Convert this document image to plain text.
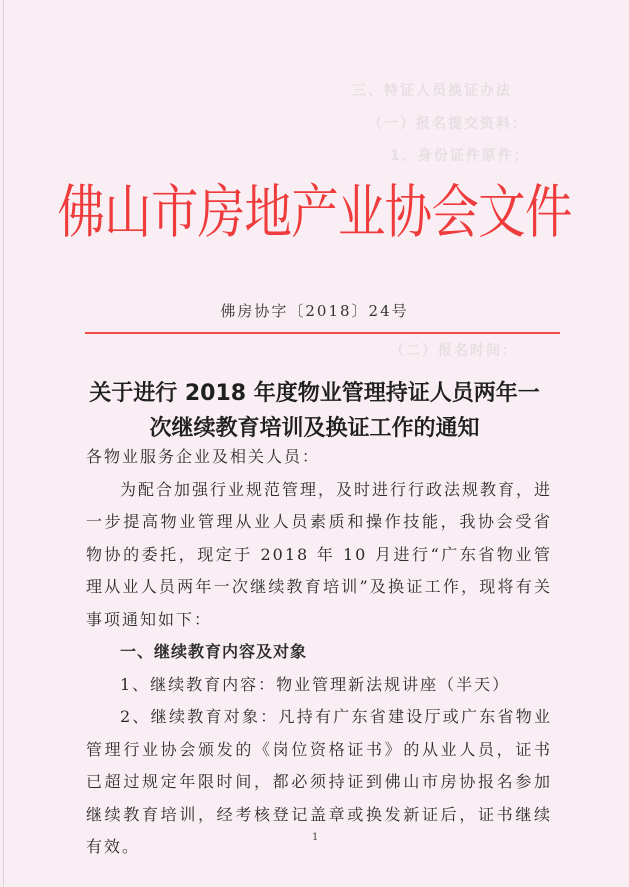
三、特证人员换证办法
（一）报名提交资料：
1、身份证件原件；
（二）报名时间：
佛山市房地产业协会文件
佛房协字〔2018〕24号
关于进行 2018 年度物业管理持证人员两年一
次继续教育培训及换证工作的通知

各物业服务企业及相关人员：

为配合加强行业规范管理，及时进行行政法规教育，进一步提高物业管理从业人员素质和操作技能，我协会受省物协的委托，现定于 2018 年 10 月进行“广东省物业管理从业人员两年一次继续教育培训”及换证工作，现将有关事项通知如下：

一、继续教育内容及对象

1、继续教育内容：物业管理新法规讲座（半天）

2、继续教育对象：凡持有广东省建设厅或广东省物业管理行业协会颁发的《岗位资格证书》的从业人员，证书已超过规定年限时间，都必须持证到佛山市房协报名参加继续教育培训，经考核登记盖章或换发新证后，证书继续有效。	1
